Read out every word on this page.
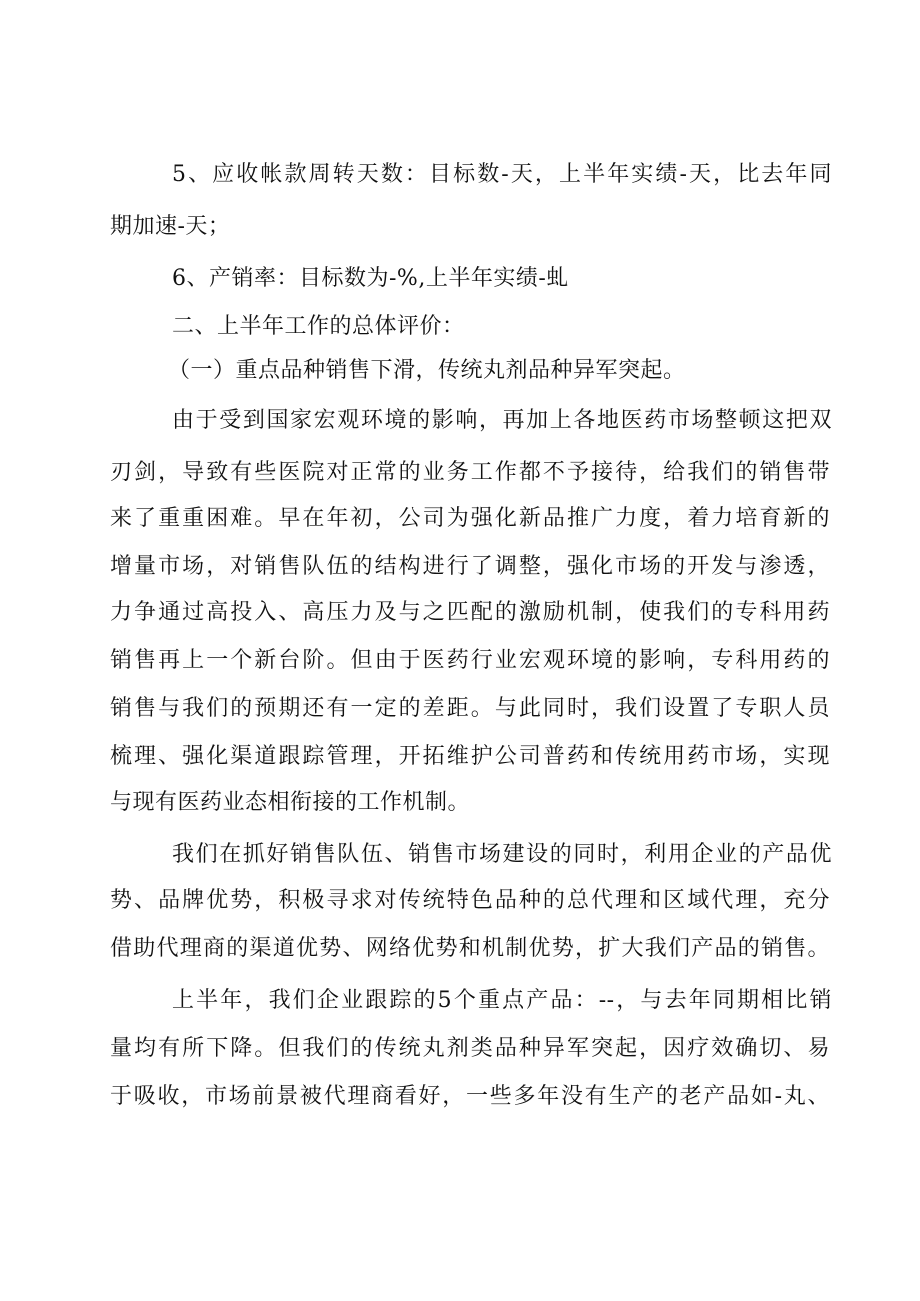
5、应收帐款周转天数：目标数-天，上半年实绩-天，比去年同
期加速-天；
6、产销率：目标数为-%,上半年实绩-虬
二、上半年工作的总体评价：
（一）重点品种销售下滑，传统丸剂品种异军突起。
由于受到国家宏观环境的影响，再加上各地医药市场整顿这把双
刃剑，导致有些医院对正常的业务工作都不予接待，给我们的销售带
来了重重困难。早在年初，公司为强化新品推广力度，着力培育新的
增量市场，对销售队伍的结构进行了调整，强化市场的开发与渗透，
力争通过高投入、高压力及与之匹配的激励机制，使我们的专科用药
销售再上一个新台阶。但由于医药行业宏观环境的影响，专科用药的
销售与我们的预期还有一定的差距。与此同时，我们设置了专职人员
梳理、强化渠道跟踪管理，开拓维护公司普药和传统用药市场，实现
与现有医药业态相衔接的工作机制。
我们在抓好销售队伍、销售市场建设的同时，利用企业的产品优
势、品牌优势，积极寻求对传统特色品种的总代理和区域代理，充分
借助代理商的渠道优势、网络优势和机制优势，扩大我们产品的销售。
上半年，我们企业跟踪的5个重点产品：--，与去年同期相比销
量均有所下降。但我们的传统丸剂类品种异军突起，因疗效确切、易
于吸收，市场前景被代理商看好，一些多年没有生产的老产品如-丸、
